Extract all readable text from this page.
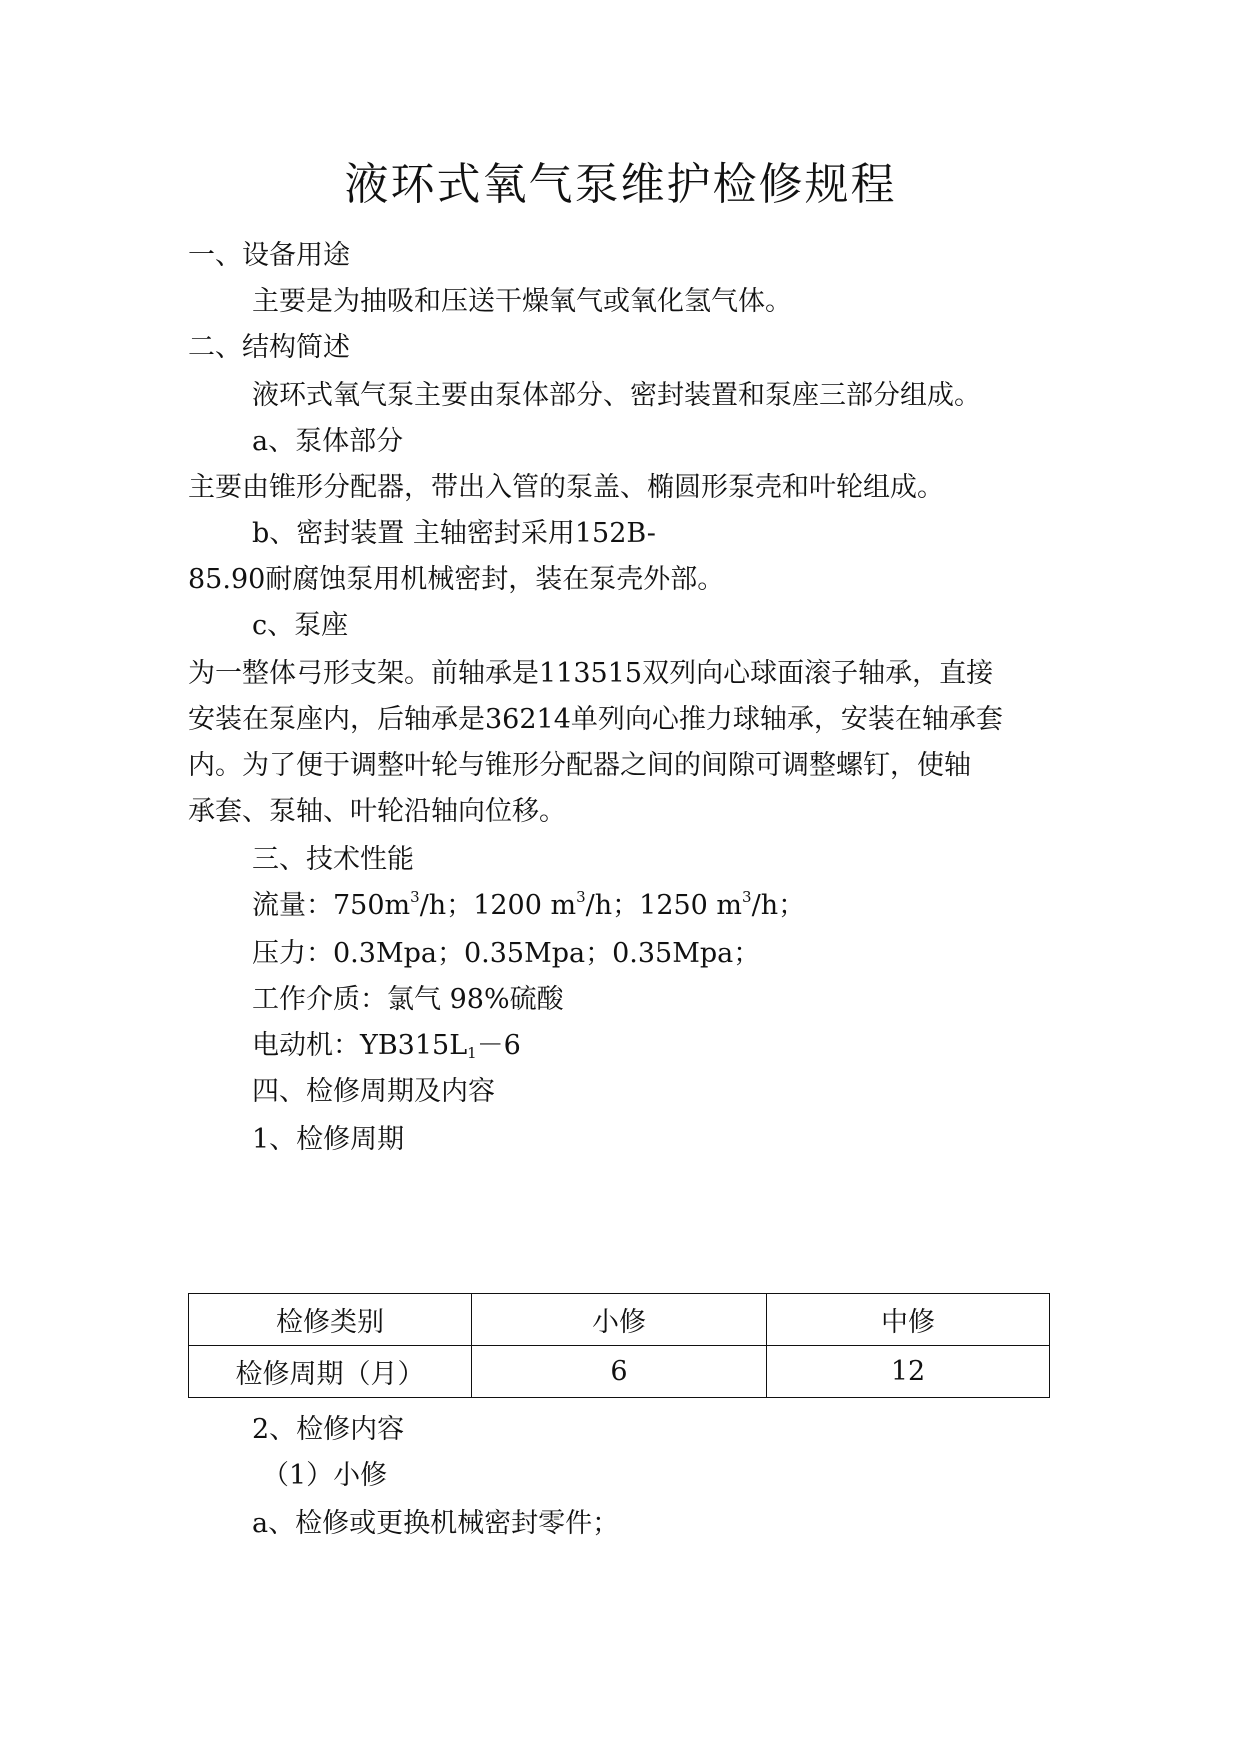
液环式氧气泵维护检修规程
一、设备用途
主要是为抽吸和压送干燥氧气或氧化氢气体。
二、结构简述
液环式氧气泵主要由泵体部分、密封装置和泵座三部分组成。
a、泵体部分
主要由锥形分配器，带出入管的泵盖、椭圆形泵壳和叶轮组成。
b、密封装置 主轴密封采用152B-
85.90耐腐蚀泵用机械密封，装在泵壳外部。
c、泵座
为一整体弓形支架。前轴承是113515双列向心球面滚子轴承，直接
安装在泵座内，后轴承是36214单列向心推力球轴承，安装在轴承套
内。为了便于调整叶轮与锥形分配器之间的间隙可调整螺钉，使轴
承套、泵轴、叶轮沿轴向位移。
三、技术性能
流量：$750m^3/h$；1200 $m^3/h$；1250 $m^3/h$；
压力：0.3Mpa；0.35Mpa；0.35Mpa；
工作介质：氯气 98%硫酸
电动机：$YB315L_1-6$
四、检修周期及内容
1、检修周期
检修类别	小修	中修
检修周期（月）	6	12
2、检修内容
（1）小修
a、检修或更换机械密封零件；
